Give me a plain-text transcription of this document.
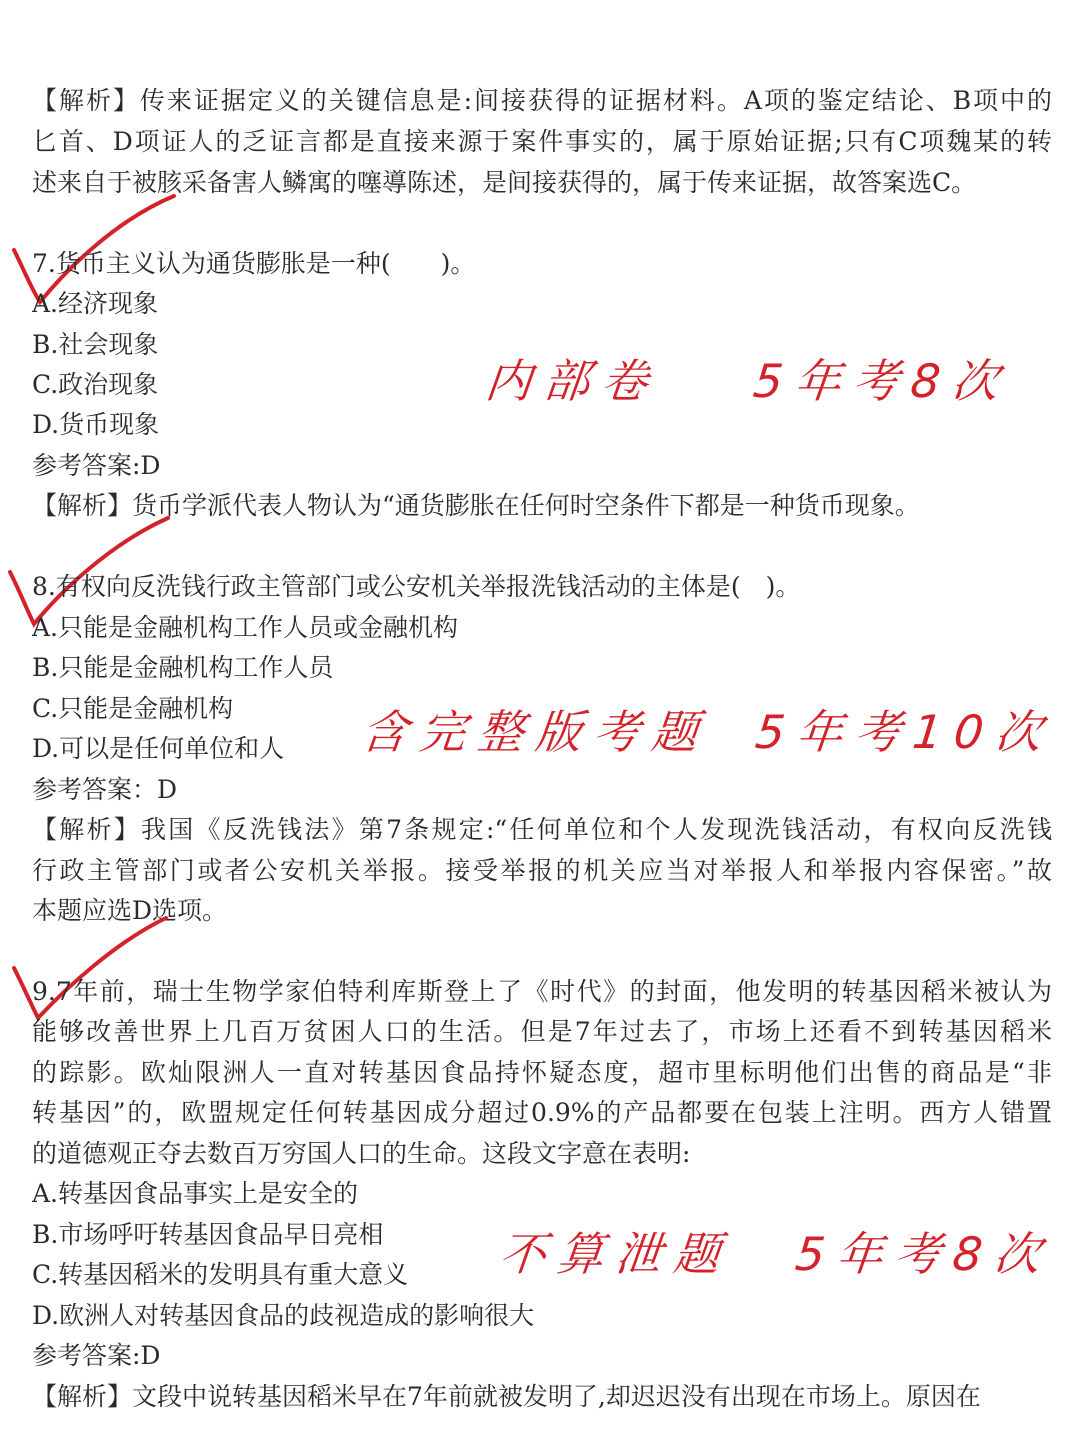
【解析】传来证据定义的关键信息是:间接获得的证据材料。A项的鉴定结论、B项中的
匕首、D项证人的乏证言都是直接来源于案件事实的，属于原始证据;只有C项魏某的转
述来自于被胲采备害人鳞寓的噻導陈述，是间接获得的，属于传来证据，故答案选C。
7.货币主义认为通货膨胀是一种(　　)。
A.经济现象
B.社会现象
C.政治现象
D.货币现象
参考答案:D
【解析】货币学派代表人物认为“通货膨胀在任何时空条件下都是一种货币现象。
内部卷 5年考8次
8.有权向反洗钱行政主管部门或公安机关举报洗钱活动的主体是(　)。
A.只能是金融机构工作人员或金融机构
B.只能是金融机构工作人员
C.只能是金融机构
D.可以是任何单位和人
参考答案：D
【解析】我国《反洗钱法》第7条规定:“任何单位和个人发现洗钱活动，有权向反洗钱
行政主管部门或者公安机关举报。接受举报的机关应当对举报人和举报内容保密。”故
本题应选D选项。
含完整版考题 5年考10次
9.7年前，瑞士生物学家伯特利库斯登上了《时代》的封面，他发明的转基因稻米被认为
能够改善世界上几百万贫困人口的生活。但是7年过去了，市场上还看不到转基因稻米
的踪影。欧灿限洲人一直对转基因食品持怀疑态度，超市里标明他们出售的商品是“非
转基因”的，欧盟规定任何转基因成分超过0.9%的产品都要在包装上注明。西方人错置
的道德观正夺去数百万穷国人口的生命。这段文字意在表明:
A.转基因食品事实上是安全的
B.市场呼吁转基因食品早日亮相
C.转基因稻米的发明具有重大意义
D.欧洲人对转基因食品的歧视造成的影响很大
参考答案:D
【解析】文段中说转基因稻米早在7年前就被发明了,却迟迟没有出现在市场上。原因在
不算泄题 5年考8次
